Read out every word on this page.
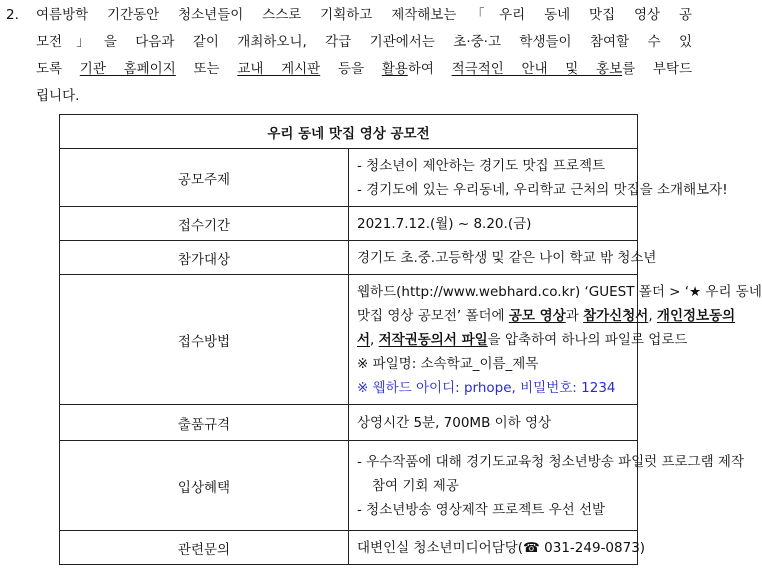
2. 여름방학 기간동안 청소년들이 스스로 기획하고 제작해보는「우리 동네 맛집 영상 공
모전」을 다음과 같이 개최하오니, 각급 기관에서는 초·중·고 학생들이 참여할 수 있
도록 기관 홈페이지 또는 교내 게시판 등을 활용하여 적극적인 안내 및 홍보를 부탁드
립니다.
우리 동네 맛집 영상 공모전	
공모주제	- 청소년이 제안하는 경기도 맛집 프로젝트
- 경기도에 있는 우리동네, 우리학교 근처의 맛집을 소개해보자!

접수기간	2021.7.12.(월) ~ 8.20.(금)
참가대상	경기도 초.중.고등학생 및 같은 나이 학교 밖 청소년
접수방법	웹하드(http://www.webhard.co.kr) ‘GUEST 폴더 > ‘★ 우리 동네
맛집 영상 공모전’ 폴더에 공모 영상과 참가신청서, 개인정보동의
서, 저작권동의서 파일을 압축하여 하나의 파일로 업로드
※ 파일명: 소속학교_이름_제목
※ 웹하드 아이디: prhope, 비밀번호: 1234

출품규격	상영시간 5분, 700MB 이하 영상
입상혜택	- 우수작품에 대해 경기도교육청 청소년방송 파일럿 프로그램 제작
참여 기회 제공
- 청소년방송 영상제작 프로젝트 우선 선발

관련문의	대변인실 청소년미디어담당(☎ 031-249-0873)
